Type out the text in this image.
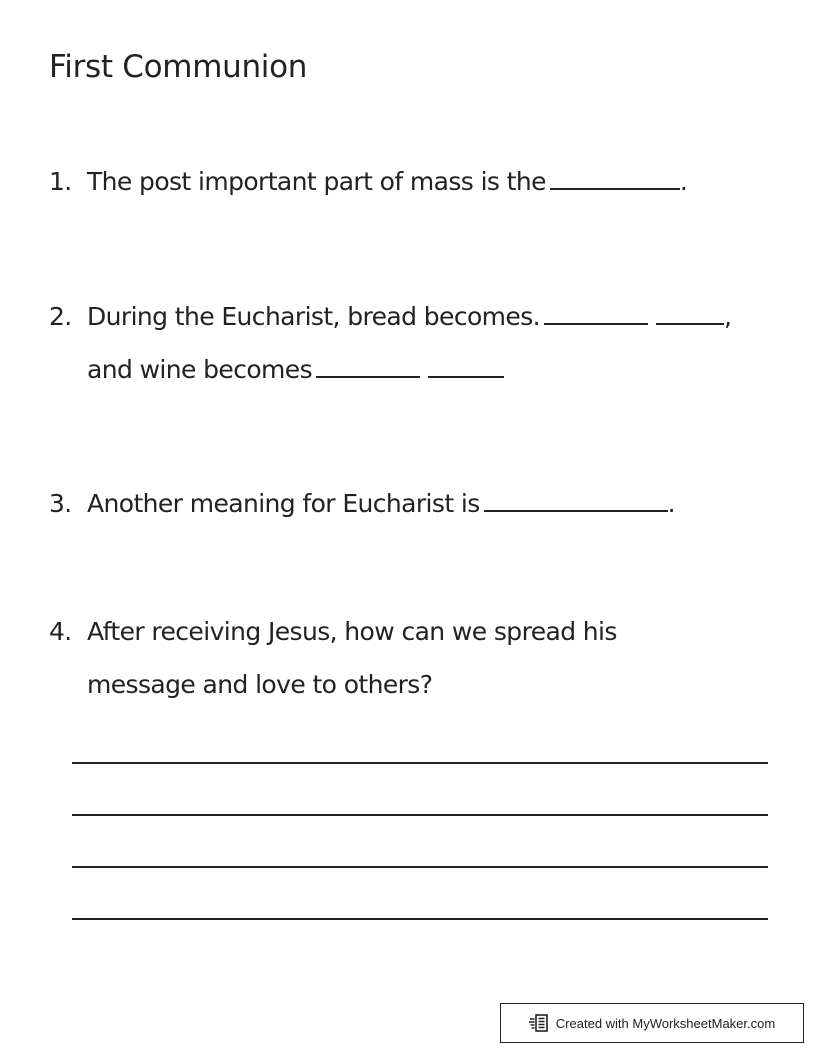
First Communion
1. The post important part of mass is the	.
2. During the Eucharist, bread becomes.	,
and wine becomes
3. Another meaning for Eucharist is	.
4. After receiving Jesus, how can we spread his
message and love to others?
Created with MyWorksheetMaker.com
